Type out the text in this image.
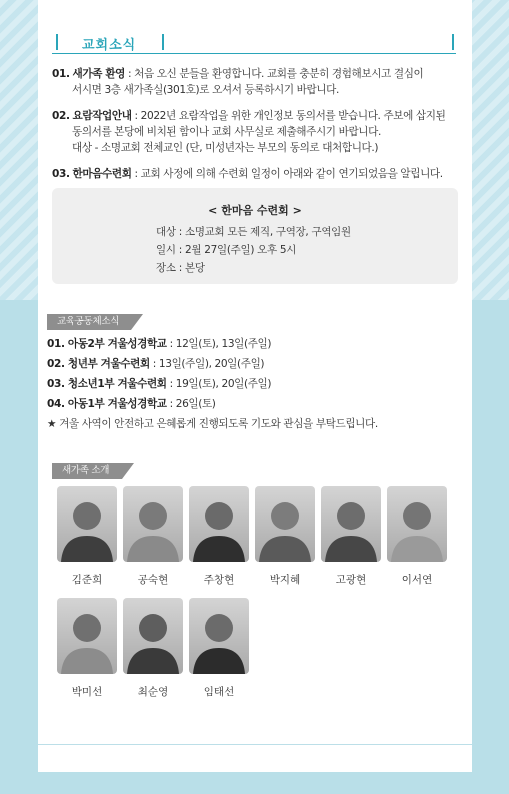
교회소식
01. 새가족 환영 : 처음 오신 분들을 환영합니다. 교회를 충분히 경험해보시고 결심이
서시면 3층 새가족실(301호)로 오셔서 등록하시기 바랍니다.
02. 요람작업안내 : 2022년 요람작업을 위한 개인정보 동의서를 받습니다. 주보에 삽지된
동의서를 본당에 비치된 함이나 교회 사무실로 제출해주시기 바랍니다.
대상 - 소명교회 전체교인 (단, 미성년자는 부모의 동의로 대처합니다.)
03. 한마음수련회 : 교회 사정에 의해 수련회 일정이 아래와 같이 연기되었음을 알립니다.
< 한마음 수련회 >
대상 : 소명교회 모든 제직, 구역장, 구역임원
일시 : 2월 27일(주일) 오후 5시
장소 : 본당
교육공동체소식
01. 아동2부 겨울성경학교 : 12일(토), 13일(주일)
02. 청년부 겨울수련회 : 13일(주일), 20일(주일)
03. 청소년1부 겨울수련회 : 19일(토), 20일(주일)
04. 아동1부 겨울성경학교 : 26일(토)
★ 겨울 사역이 안전하고 은혜롭게 진행되도록 기도와 관심을 부탁드립니다.
새가족 소개
김준희	공숙현	주창현	박지혜	고광현	이서연
박미선	최순영	임태선
